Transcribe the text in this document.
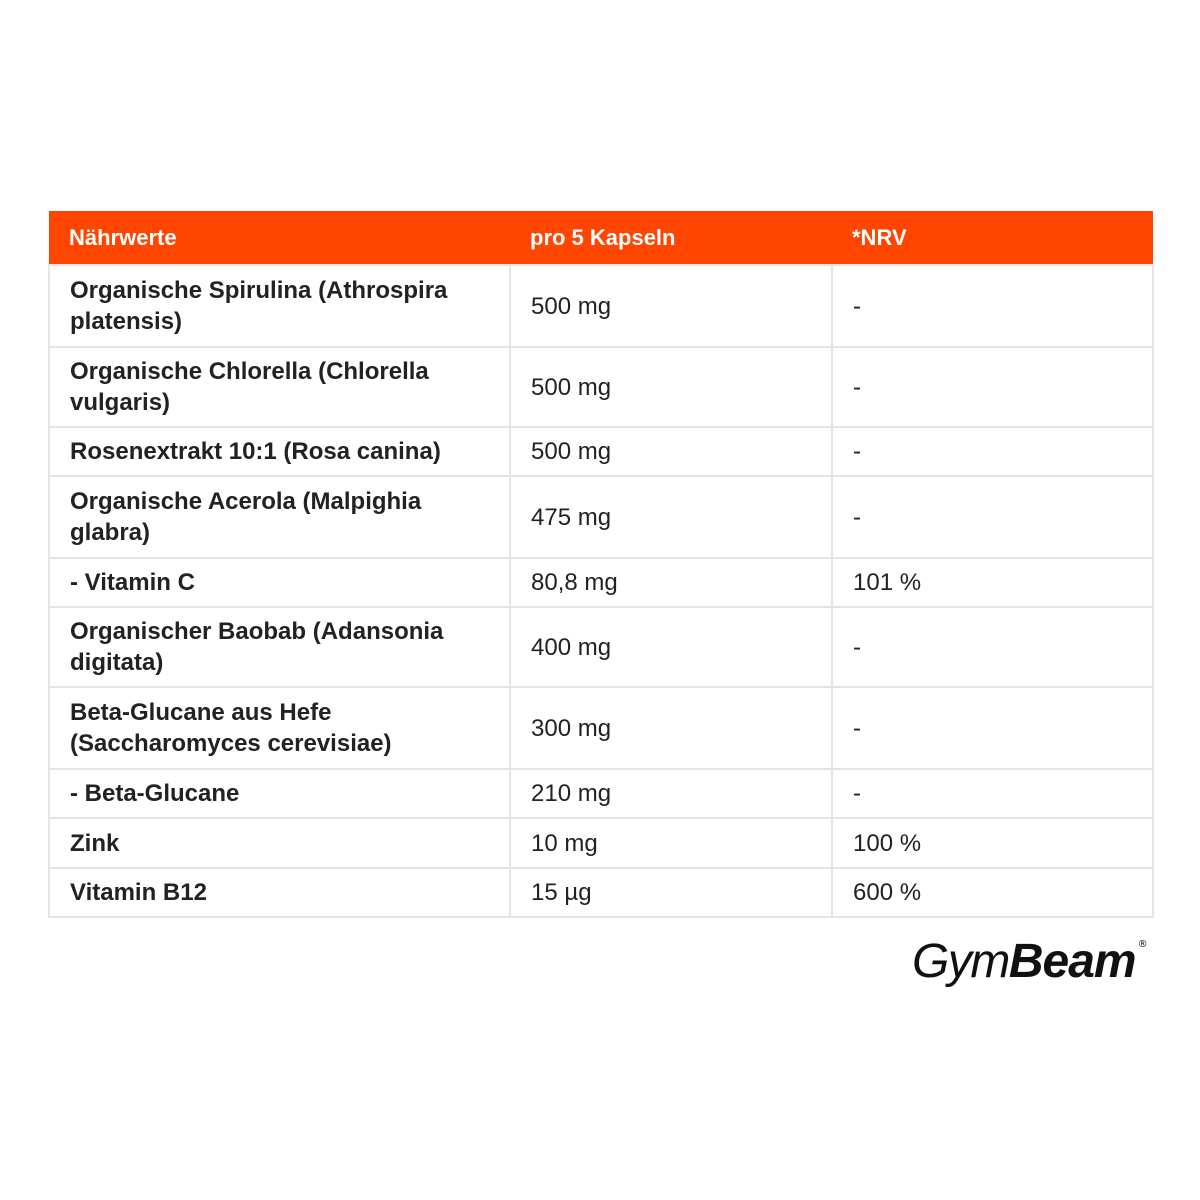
Nährwerte	pro 5 Kapseln	*NRV
Organische Spirulina (Athrospira platensis)	500 mg	-
Organische Chlorella (Chlorella vulgaris)	500 mg	-
Rosenextrakt 10:1 (Rosa canina)	500 mg	-
Organische Acerola (Malpighia glabra)	475 mg	-
- Vitamin C	80,8 mg	101 %
Organischer Baobab (Adansonia digitata)	400 mg	-
Beta-Glucane aus Hefe (Saccharomyces cerevisiae)	300 mg	-
- Beta-Glucane	210 mg	-
Zink	10 mg	100 %
Vitamin B12	15 µg	600 %
Gym Beam ®
